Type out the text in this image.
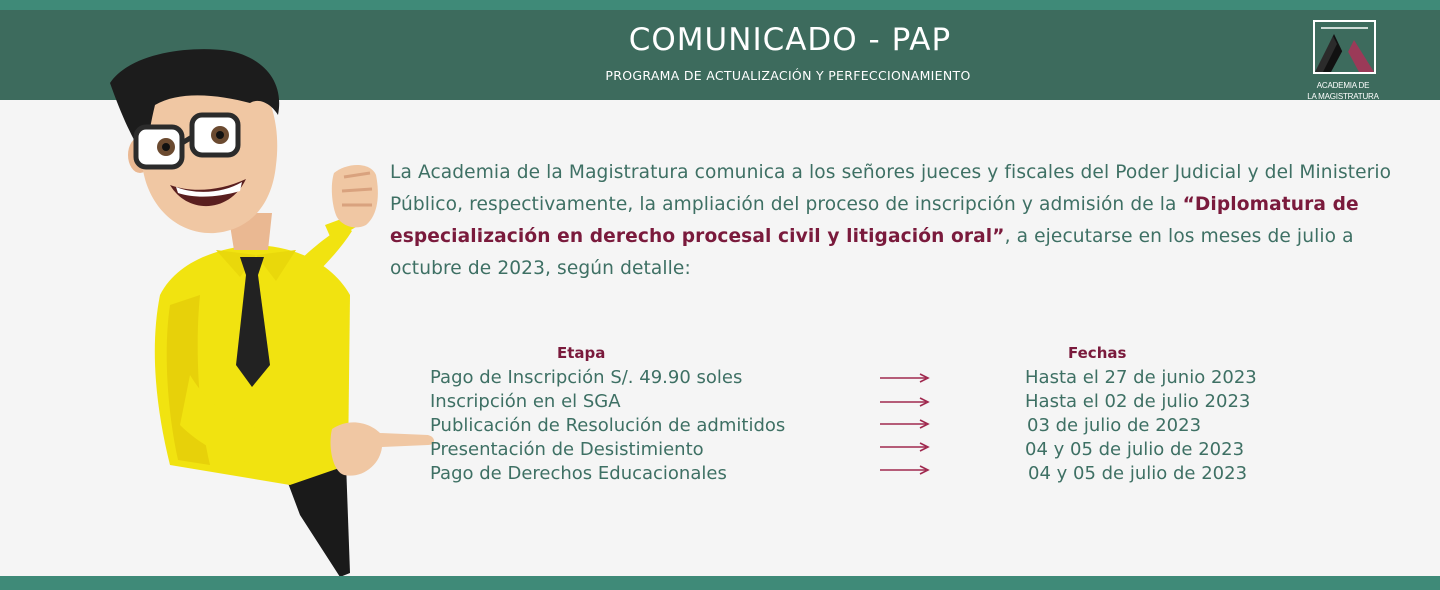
COMUNICADO - PAP
PROGRAMA DE ACTUALIZACIÓN Y PERFECCIONAMIENTO
ACADEMIA DE
LA MAGISTRATURA

La Academia de la Magistratura comunica a los señores jueces y fiscales del Poder Judicial y del Ministerio Público, respectivamente, la ampliación del proceso de inscripción y admisión de la “Diplomatura de especialización en derecho procesal civil y litigación oral”, a ejecutarse en los meses de julio a octubre de 2023, según detalle:

Etapa	Fechas
Pago de Inscripción S/. 49.90 soles
Inscripción en el SGA
Publicación de Resolución de admitidos
Presentación de Desistimiento
Pago de Derechos Educacionales
Hasta el 27 de junio 2023
Hasta el 02 de julio 2023
03 de julio de 2023
04 y 05 de julio de 2023
04 y 05 de julio de 2023
